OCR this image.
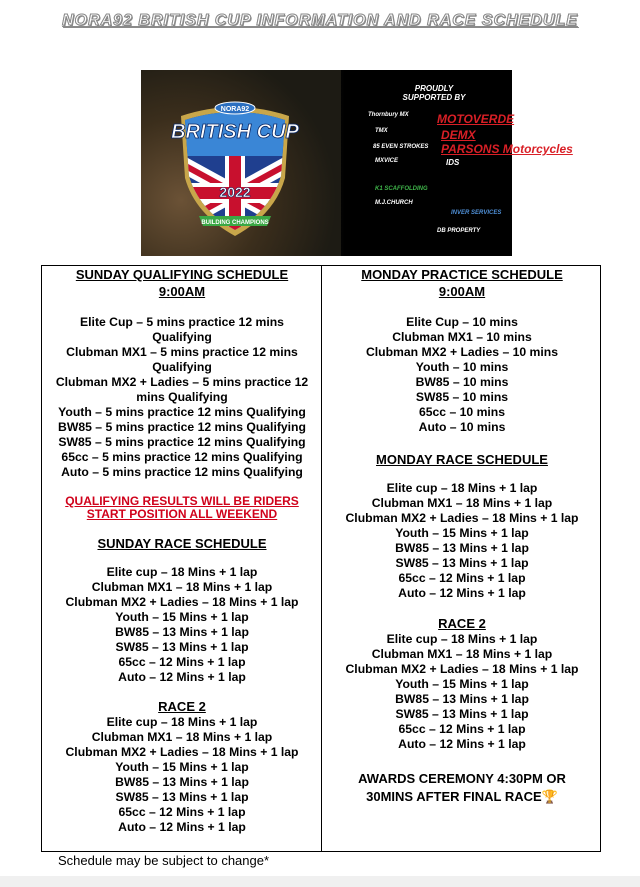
NORA92 BRITISH CUP INFORMATION AND RACE SCHEDULE
NORA92
BRITISH CUP
2022
BUILDING CHAMPIONS
PROUDLY SUPPORTED BY
Thornbury MX MOTOVERDE
TMX	DEMX
85 EVEN STROKES PARSONS Motorcycles
MXVICE	IDS
K1 SCAFFOLDING
M.J.CHURCH
DB PROPERTY
INVER SERVICES
SUNDAY QUALIFYING SCHEDULE
9:00AM
Elite Cup – 5 mins practice 12 mins
Qualifying
Clubman MX1 – 5 mins practice 12 mins
Qualifying
Clubman MX2 + Ladies – 5 mins practice 12
mins Qualifying
Youth – 5 mins practice 12 mins Qualifying
BW85 – 5 mins practice 12 mins Qualifying
SW85 – 5 mins practice 12 mins Qualifying
65cc – 5 mins practice 12 mins Qualifying
Auto – 5 mins practice 12 mins Qualifying
QUALIFYING RESULTS WILL BE RIDERS
START POSITION ALL WEEKEND
SUNDAY RACE SCHEDULE
Elite cup – 18 Mins + 1 lap
Clubman MX1 – 18 Mins + 1 lap
Clubman MX2 + Ladies – 18 Mins + 1 lap
Youth – 15 Mins + 1 lap
BW85 – 13 Mins + 1 lap
SW85 – 13 Mins + 1 lap
65cc – 12 Mins + 1 lap
Auto – 12 Mins + 1 lap
RACE 2
Elite cup – 18 Mins + 1 lap
Clubman MX1 – 18 Mins + 1 lap
Clubman MX2 + Ladies – 18 Mins + 1 lap
Youth – 15 Mins + 1 lap
BW85 – 13 Mins + 1 lap
SW85 – 13 Mins + 1 lap
65cc – 12 Mins + 1 lap
Auto – 12 Mins + 1 lap
MONDAY PRACTICE SCHEDULE
9:00AM
Elite Cup – 10 mins
Clubman MX1 – 10 mins
Clubman MX2 + Ladies – 10 mins
Youth – 10 mins
BW85 – 10 mins
SW85 – 10 mins
65cc – 10 mins
Auto – 10 mins
MONDAY RACE SCHEDULE
Elite cup – 18 Mins + 1 lap
Clubman MX1 – 18 Mins + 1 lap
Clubman MX2 + Ladies – 18 Mins + 1 lap
Youth – 15 Mins + 1 lap
BW85 – 13 Mins + 1 lap
SW85 – 13 Mins + 1 lap
65cc – 12 Mins + 1 lap
Auto – 12 Mins + 1 lap
RACE 2
Elite cup – 18 Mins + 1 lap
Clubman MX1 – 18 Mins + 1 lap
Clubman MX2 + Ladies – 18 Mins + 1 lap
Youth – 15 Mins + 1 lap
BW85 – 13 Mins + 1 lap
SW85 – 13 Mins + 1 lap
65cc – 12 Mins + 1 lap
Auto – 12 Mins + 1 lap
AWARDS CEREMONY 4:30PM OR
30MINS AFTER FINAL RACE🏆
Schedule may be subject to change*
